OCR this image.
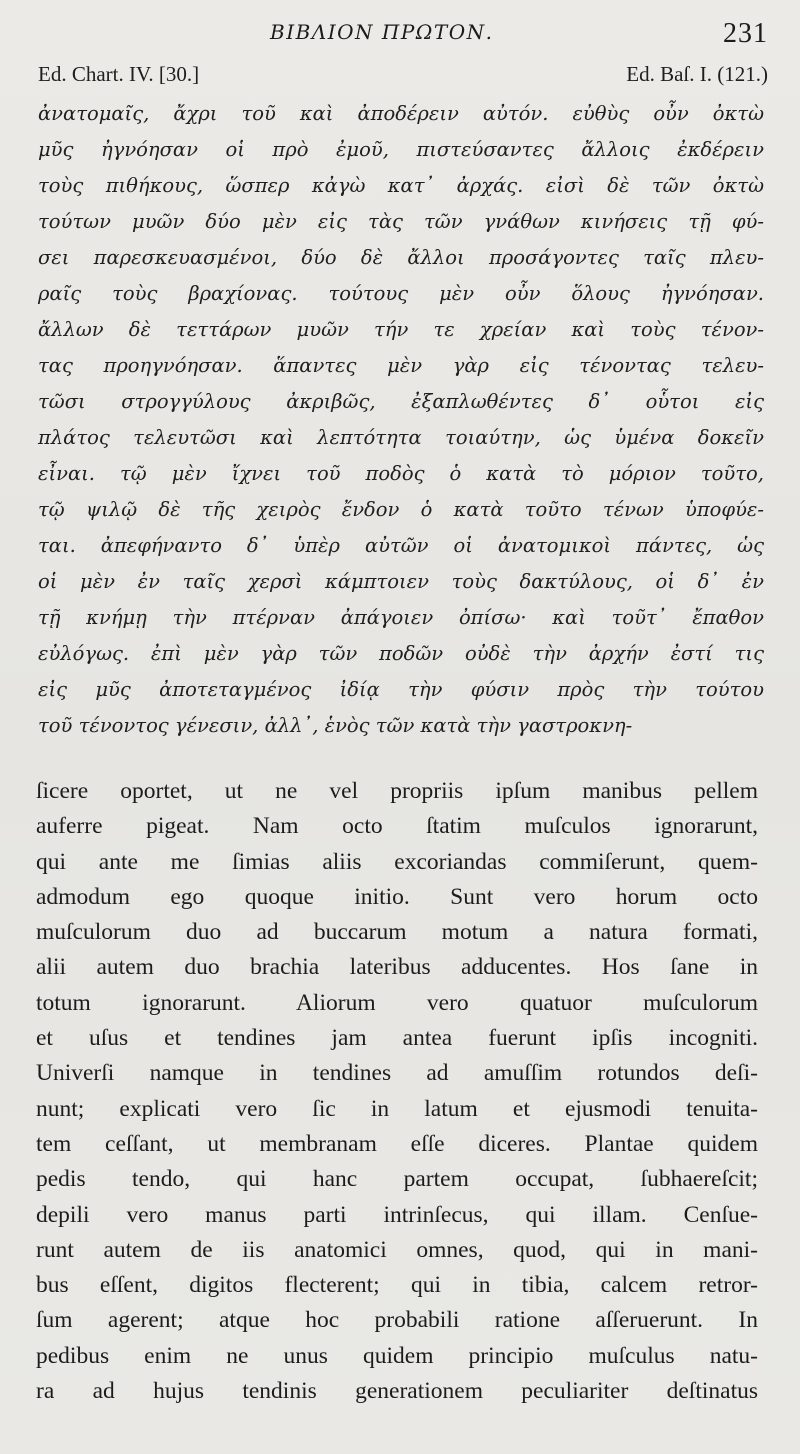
BIBΛΙΟΝ ΠΡΩΤΟΝ.	231
Ed. Chart. IV. [30.]	Ed. Baſ. I. (121.)
ἀνατομαῖς, ἄχρι τοῦ καὶ ἀποδέρειν αὐτόν. εὐθὺς οὖν ὀκτὼ
μῦς ἠγνόησαν οἱ πρὸ ἐμοῦ, πιστεύσαντες ἄλλοις ἐκδέρειν
τοὺς πιθήκους, ὥσπερ κἀγὼ κατ᾽ ἀρχάς. εἰσὶ δὲ τῶν ὀκτὼ
τούτων μυῶν δύο μὲν εἰς τὰς τῶν γνάθων κινήσεις τῇ φύ-
σει παρεσκευασμένοι, δύο δὲ ἄλλοι προσάγοντες ταῖς πλευ-
ραῖς τοὺς βραχίονας. τούτους μὲν οὖν ὅλους ἠγνόησαν.
ἄλλων δὲ τεττάρων μυῶν τήν τε χρείαν καὶ τοὺς τένον-
τας προηγνόησαν. ἅπαντες μὲν γὰρ εἰς τένοντας τελευ-
τῶσι στρογγύλους ἀκριβῶς, ἐξαπλωθέντες δ᾽ οὗτοι εἰς
πλάτος τελευτῶσι καὶ λεπτότητα τοιαύτην, ὡς ὑμένα δοκεῖν
εἶναι. τῷ μὲν ἴχνει τοῦ ποδὸς ὁ κατὰ τὸ μόριον τοῦτο,
τῷ ψιλῷ δὲ τῆς χειρὸς ἔνδον ὁ κατὰ τοῦτο τένων ὑποφύε-
ται. ἀπεφήναντο δ᾽ ὑπὲρ αὐτῶν οἱ ἀνατομικοὶ πάντες, ὡς
οἱ μὲν ἐν ταῖς χερσὶ κάμπτοιεν τοὺς δακτύλους, οἱ δ᾽ ἐν
τῇ κνήμῃ τὴν πτέρναν ἀπάγοιεν ὀπίσω· καὶ τοῦτ᾽ ἔπαθον
εὐλόγως. ἐπὶ μὲν γὰρ τῶν ποδῶν οὐδὲ τὴν ἀρχήν ἐστί τις
εἰς μῦς ἀποτεταγμένος ἰδίᾳ τὴν φύσιν πρὸς τὴν τούτου
τοῦ τένοντος γένεσιν, ἀλλ᾽, ἑνὸς τῶν κατὰ τὴν γαστροκνη-
ſicere oportet, ut ne vel propriis ipſum manibus pellem
auferre pigeat. Nam octo ſtatim muſculos ignorarunt,
qui ante me ſimias aliis excoriandas commiſerunt, quem-
admodum ego quoque initio. Sunt vero horum octo
muſculorum duo ad buccarum motum a natura formati,
alii autem duo brachia lateribus adducentes. Hos ſane in
totum ignorarunt. Aliorum vero quatuor muſculorum
et uſus et tendines jam antea fuerunt ipſis incogniti.
Univerſi namque in tendines ad amuſſim rotundos deſi-
nunt; explicati vero ſic in latum et ejusmodi tenuita-
tem ceſſant, ut membranam eſſe diceres. Plantae quidem
pedis tendo, qui hanc partem occupat, ſubhaereſcit;
depili vero manus parti intrinſecus, qui illam. Cenſue-
runt autem de iis anatomici omnes, quod, qui in mani-
bus eſſent, digitos flecterent; qui in tibia, calcem retror-
ſum agerent; atque hoc probabili ratione aſſeruerunt. In
pedibus enim ne unus quidem principio muſculus natu-
ra ad hujus tendinis generationem peculiariter deſtinatus
